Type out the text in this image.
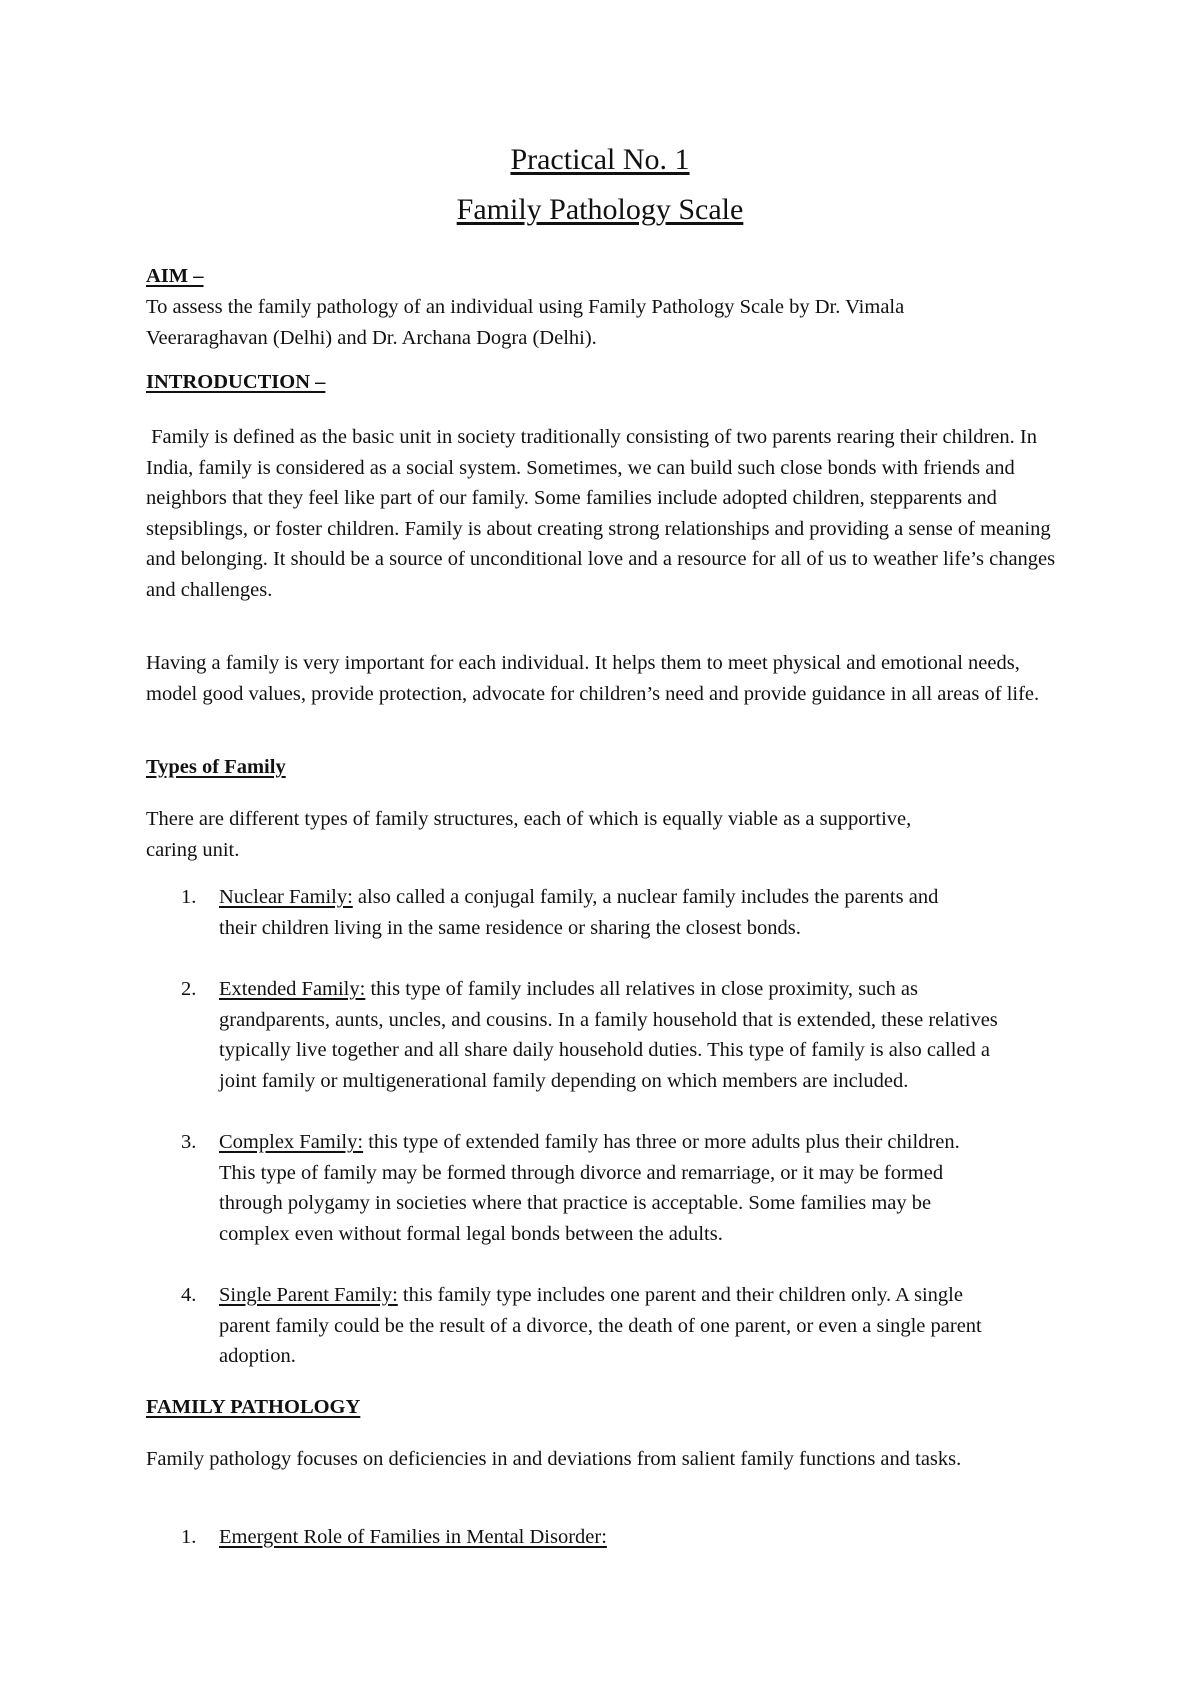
Practical No. 1
Family Pathology Scale
AIM –
To assess the family pathology of an individual using Family Pathology Scale by Dr. Vimala Veeraraghavan (Delhi) and Dr. Archana Dogra (Delhi).
INTRODUCTION –
Family is defined as the basic unit in society traditionally consisting of two parents rearing their children. In India, family is considered as a social system. Sometimes, we can build such close bonds with friends and neighbors that they feel like part of our family. Some families include adopted children, stepparents and stepsiblings, or foster children. Family is about creating strong relationships and providing a sense of meaning and belonging. It should be a source of unconditional love and a resource for all of us to weather life’s changes and challenges.
Having a family is very important for each individual. It helps them to meet physical and emotional needs, model good values, provide protection, advocate for children’s need and provide guidance in all areas of life.
Types of Family
There are different types of family structures, each of which is equally viable as a supportive, caring unit.
1. Nuclear Family: also called a conjugal family, a nuclear family includes the parents and their children living in the same residence or sharing the closest bonds.
2. Extended Family: this type of family includes all relatives in close proximity, such as grandparents, aunts, uncles, and cousins. In a family household that is extended, these relatives typically live together and all share daily household duties. This type of family is also called a joint family or multigenerational family depending on which members are included.
3. Complex Family: this type of extended family has three or more adults plus their children. This type of family may be formed through divorce and remarriage, or it may be formed through polygamy in societies where that practice is acceptable. Some families may be complex even without formal legal bonds between the adults.
4. Single Parent Family: this family type includes one parent and their children only. A single parent family could be the result of a divorce, the death of one parent, or even a single parent adoption.
FAMILY PATHOLOGY
Family pathology focuses on deficiencies in and deviations from salient family functions and tasks.
1. Emergent Role of Families in Mental Disorder:
